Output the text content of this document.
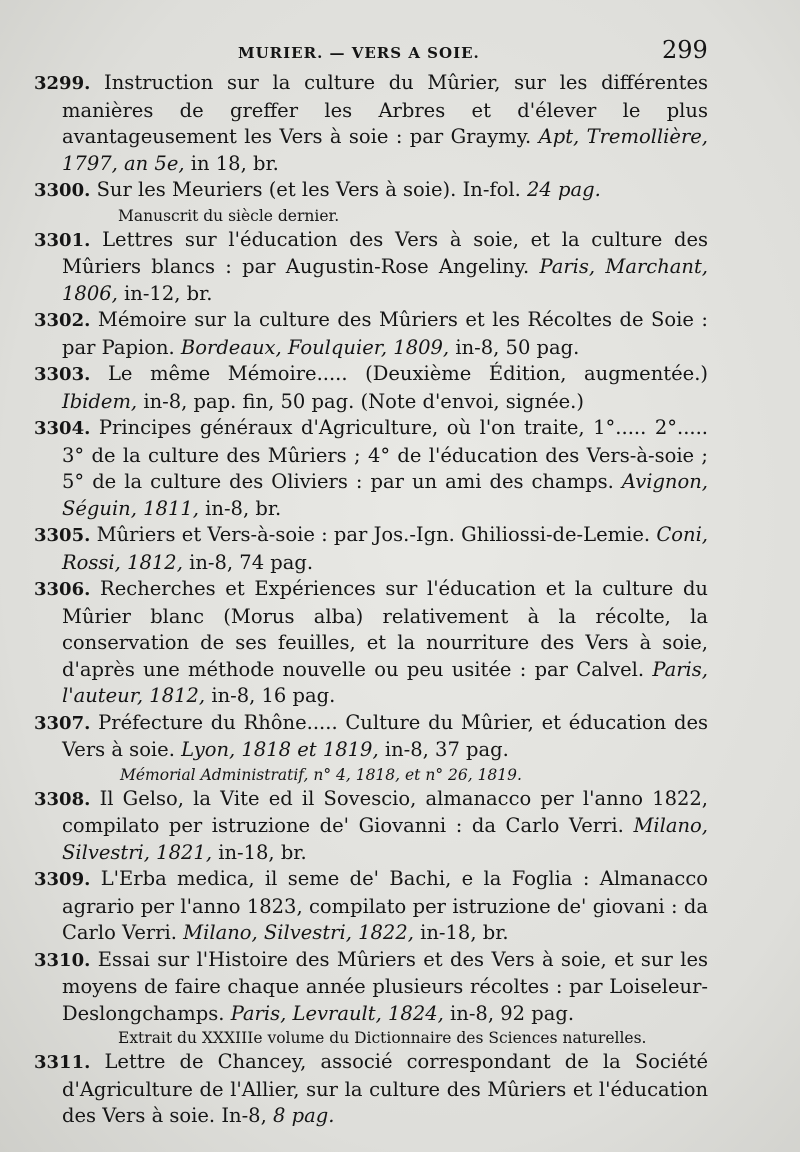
MURIER. — VERS A SOIE.	299
3299. Instruction sur la culture du Mûrier, sur les différentes manières de greffer les Arbres et d'élever le plus avantageusement les Vers à soie : par Graymy. Apt, Tremollière, 1797, an 5e, in 18, br.
3300. Sur les Meuriers (et les Vers à soie). In-fol. 24 pag.
Manuscrit du siècle dernier.
3301. Lettres sur l'éducation des Vers à soie, et la culture des Mûriers blancs : par Augustin-Rose Angeliny. Paris, Marchant, 1806, in-12, br.
3302. Mémoire sur la culture des Mûriers et les Récoltes de Soie : par Papion. Bordeaux, Foulquier, 1809, in-8, 50 pag.
3303. Le même Mémoire..... (Deuxième Édition, augmentée.) Ibidem, in-8, pap. fin, 50 pag. (Note d'envoi, signée.)
3304. Principes généraux d'Agriculture, où l'on traite, 1°..... 2°..... 3° de la culture des Mûriers ; 4° de l'éducation des Vers-à-soie ; 5° de la culture des Oliviers : par un ami des champs. Avignon, Séguin, 1811, in-8, br.
3305. Mûriers et Vers-à-soie : par Jos.-Ign. Ghiliossi-de-Lemie. Coni, Rossi, 1812, in-8, 74 pag.
3306. Recherches et Expériences sur l'éducation et la culture du Mûrier blanc (Morus alba) relativement à la récolte, la conservation de ses feuilles, et la nourriture des Vers à soie, d'après une méthode nouvelle ou peu usitée : par Calvel. Paris, l'auteur, 1812, in-8, 16 pag.
3307. Préfecture du Rhône..... Culture du Mûrier, et éducation des Vers à soie. Lyon, 1818 et 1819, in-8, 37 pag.
Mémorial Administratif, n° 4, 1818, et n° 26, 1819.
3308. Il Gelso, la Vite ed il Sovescio, almanacco per l'anno 1822, compilato per istruzione de' Giovanni : da Carlo Verri. Milano, Silvestri, 1821, in-18, br.
3309. L'Erba medica, il seme de' Bachi, e la Foglia : Almanacco agrario per l'anno 1823, compilato per istruzione de' giovani : da Carlo Verri. Milano, Silvestri, 1822, in-18, br.
3310. Essai sur l'Histoire des Mûriers et des Vers à soie, et sur les moyens de faire chaque année plusieurs récoltes : par Loiseleur-Deslongchamps. Paris, Levrault, 1824, in-8, 92 pag.
Extrait du XXXIIIe volume du Dictionnaire des Sciences naturelles.
3311. Lettre de Chancey, associé correspondant de la Société d'Agriculture de l'Allier, sur la culture des Mûriers et l'éducation des Vers à soie. In-8, 8 pag.
